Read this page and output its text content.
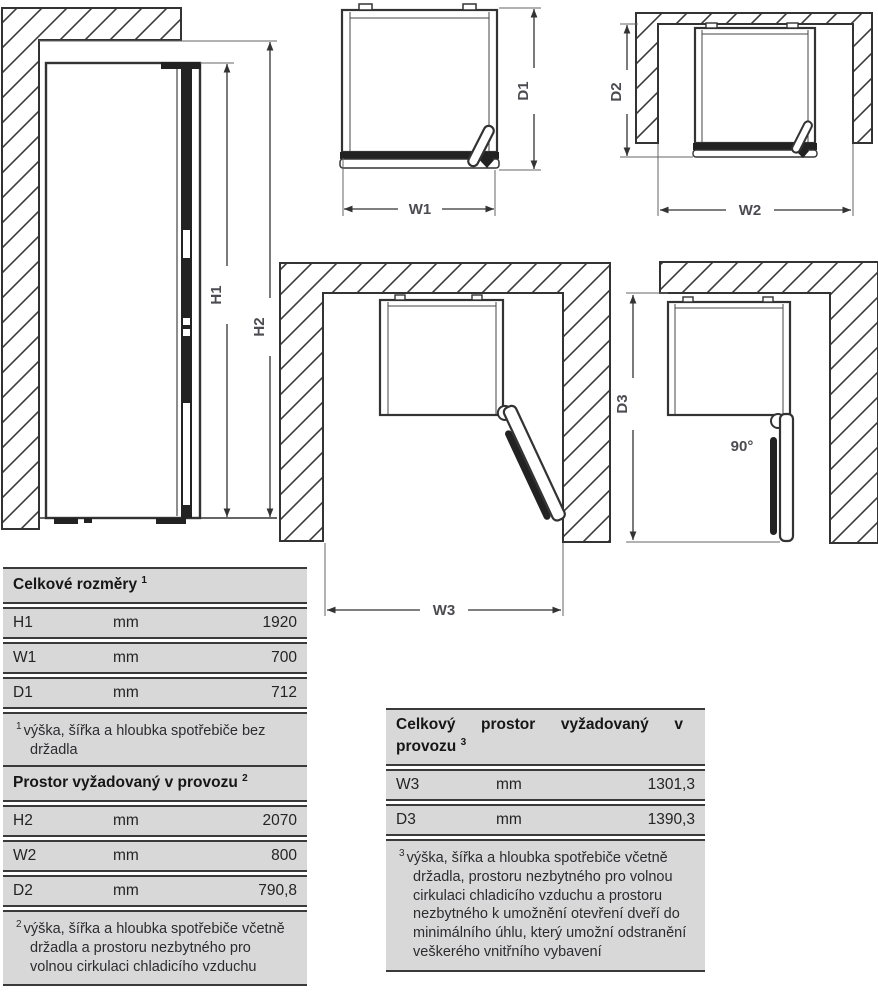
H1
H2
D1
W1
D2
W2
W3
90°
D3
Celkové rozměry $^1$
H1	mm	1920
W1	mm	700
D1	mm	712
$^1$ výška, šířka a hloubka spotřebiče bez držadla
Prostor vyžadovaný v provozu $^2$
H2	mm	2070
W2	mm	800
D2	mm	790,8
$^2$ výška, šířka a hloubka spotřebiče včetně držadla a prostoru nezbytného pro volnou cirkulaci chladicího vzduchu
Celkový prostor vyžadovaný v provozu $^3$
W3	mm	1301,3
D3	mm	1390,3
$^3$ výška, šířka a hloubka spotřebiče včetně držadla, prostoru nezbytného pro volnou cirkulaci chladicího vzduchu a prostoru nezbytného k umožnění otevření dveří do minimálního úhlu, který umožní odstranění veškerého vnitřního vybavení
